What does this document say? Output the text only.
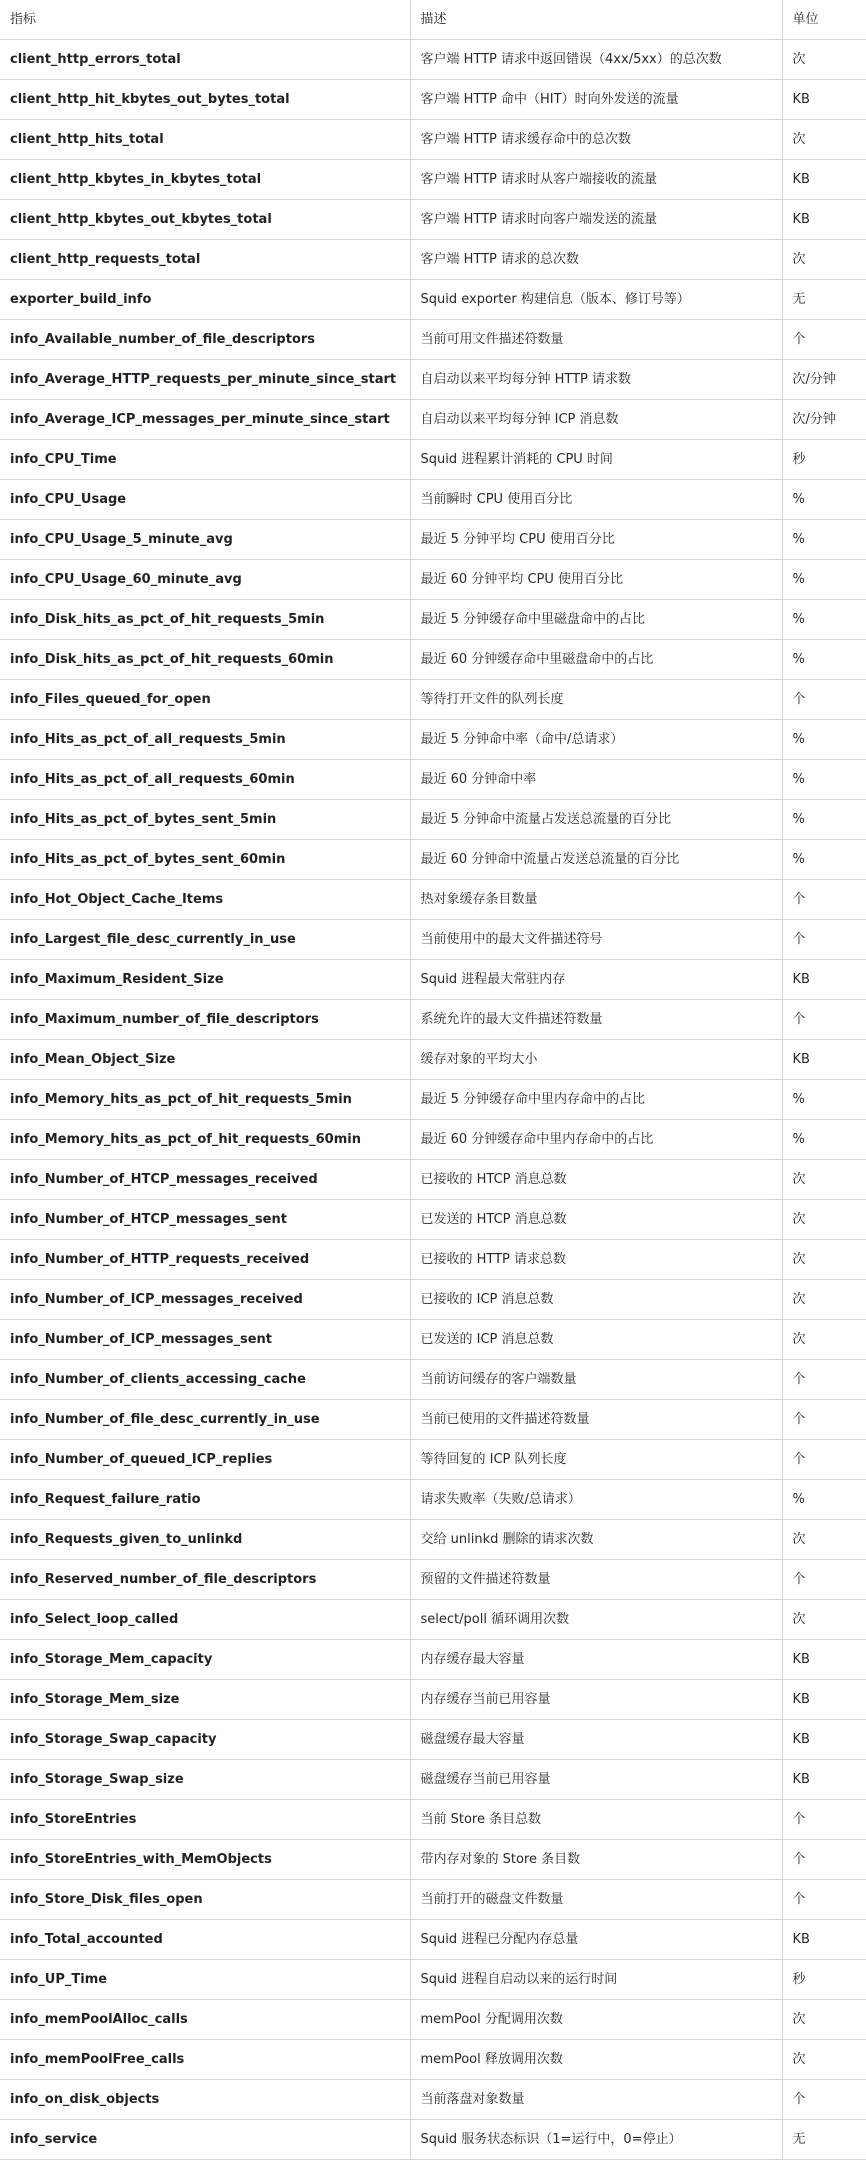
指标	描述	单位
client_http_errors_total	客户端 HTTP 请求中返回错误（4xx/5xx）的总次数	次
client_http_hit_kbytes_out_bytes_total	客户端 HTTP 命中（HIT）时向外发送的流量	KB
client_http_hits_total	客户端 HTTP 请求缓存命中的总次数	次
client_http_kbytes_in_kbytes_total	客户端 HTTP 请求时从客户端接收的流量	KB
client_http_kbytes_out_kbytes_total	客户端 HTTP 请求时向客户端发送的流量	KB
client_http_requests_total	客户端 HTTP 请求的总次数	次
exporter_build_info	Squid exporter 构建信息（版本、修订号等）	无
info_Available_number_of_file_descriptors	当前可用文件描述符数量	个
info_Average_HTTP_requests_per_minute_since_start	自启动以来平均每分钟 HTTP 请求数	次/分钟
info_Average_ICP_messages_per_minute_since_start	自启动以来平均每分钟 ICP 消息数	次/分钟
info_CPU_Time	Squid 进程累计消耗的 CPU 时间	秒
info_CPU_Usage	当前瞬时 CPU 使用百分比	%
info_CPU_Usage_5_minute_avg	最近 5 分钟平均 CPU 使用百分比	%
info_CPU_Usage_60_minute_avg	最近 60 分钟平均 CPU 使用百分比	%
info_Disk_hits_as_pct_of_hit_requests_5min	最近 5 分钟缓存命中里磁盘命中的占比	%
info_Disk_hits_as_pct_of_hit_requests_60min	最近 60 分钟缓存命中里磁盘命中的占比	%
info_Files_queued_for_open	等待打开文件的队列长度	个
info_Hits_as_pct_of_all_requests_5min	最近 5 分钟命中率（命中/总请求）	%
info_Hits_as_pct_of_all_requests_60min	最近 60 分钟命中率	%
info_Hits_as_pct_of_bytes_sent_5min	最近 5 分钟命中流量占发送总流量的百分比	%
info_Hits_as_pct_of_bytes_sent_60min	最近 60 分钟命中流量占发送总流量的百分比	%
info_Hot_Object_Cache_Items	热对象缓存条目数量	个
info_Largest_file_desc_currently_in_use	当前使用中的最大文件描述符号	个
info_Maximum_Resident_Size	Squid 进程最大常驻内存	KB
info_Maximum_number_of_file_descriptors	系统允许的最大文件描述符数量	个
info_Mean_Object_Size	缓存对象的平均大小	KB
info_Memory_hits_as_pct_of_hit_requests_5min	最近 5 分钟缓存命中里内存命中的占比	%
info_Memory_hits_as_pct_of_hit_requests_60min	最近 60 分钟缓存命中里内存命中的占比	%
info_Number_of_HTCP_messages_received	已接收的 HTCP 消息总数	次
info_Number_of_HTCP_messages_sent	已发送的 HTCP 消息总数	次
info_Number_of_HTTP_requests_received	已接收的 HTTP 请求总数	次
info_Number_of_ICP_messages_received	已接收的 ICP 消息总数	次
info_Number_of_ICP_messages_sent	已发送的 ICP 消息总数	次
info_Number_of_clients_accessing_cache	当前访问缓存的客户端数量	个
info_Number_of_file_desc_currently_in_use	当前已使用的文件描述符数量	个
info_Number_of_queued_ICP_replies	等待回复的 ICP 队列长度	个
info_Request_failure_ratio	请求失败率（失败/总请求）	%
info_Requests_given_to_unlinkd	交给 unlinkd 删除的请求次数	次
info_Reserved_number_of_file_descriptors	预留的文件描述符数量	个
info_Select_loop_called	select/poll 循环调用次数	次
info_Storage_Mem_capacity	内存缓存最大容量	KB
info_Storage_Mem_size	内存缓存当前已用容量	KB
info_Storage_Swap_capacity	磁盘缓存最大容量	KB
info_Storage_Swap_size	磁盘缓存当前已用容量	KB
info_StoreEntries	当前 Store 条目总数	个
info_StoreEntries_with_MemObjects	带内存对象的 Store 条目数	个
info_Store_Disk_files_open	当前打开的磁盘文件数量	个
info_Total_accounted	Squid 进程已分配内存总量	KB
info_UP_Time	Squid 进程自启动以来的运行时间	秒
info_memPoolAlloc_calls	memPool 分配调用次数	次
info_memPoolFree_calls	memPool 释放调用次数	次
info_on_disk_objects	当前落盘对象数量	个
info_service	Squid 服务状态标识（1=运行中，0=停止）	无
